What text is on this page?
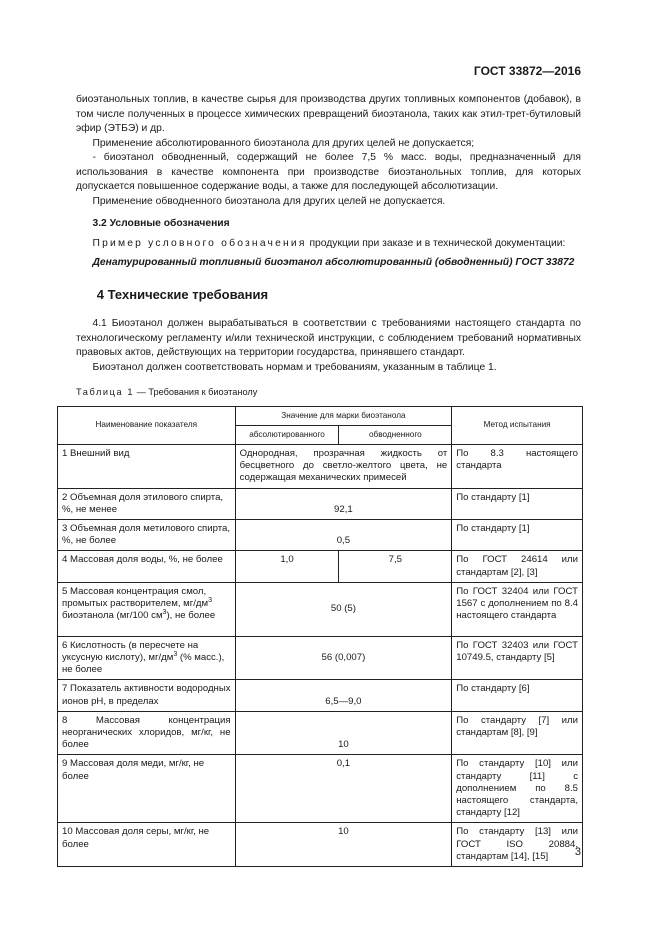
ГОСТ 33872—2016

биоэтанольных топлив, в качестве сырья для производства других топливных компонентов (добавок), в том числе полученных в процессе химических превращений биоэтанола, таких как этил-трет-бутиловый эфир (ЭТБЭ) и др.

Применение абсолютированного биоэтанола для других целей не допускается;

- биоэтанол обводненный, содержащий не более 7,5 % масс. воды, предназначенный для использования в качестве компонента при производстве биоэтанольных топлив, для которых допускается повышенное содержание воды, а также для последующей абсолютизации.

Применение обводненного биоэтанола для других целей не допускается.

3.2 Условные обозначения

Пример условного обозначения продукции при заказе и в технической документации:

Денатурированный топливный биоэтанол абсолютированный (обводненный) ГОСТ 33872

4 Технические требования

4.1 Биоэтанол должен вырабатываться в соответствии с требованиями настоящего стандарта по технологическому регламенту и/или технической инструкции, с соблюдением требований нормативных правовых актов, действующих на территории государства, принявшего стандарт.

Биоэтанол должен соответствовать нормам и требованиям, указанным в таблице 1.

Таблица 1 — Требования к биоэтанолу
Наименование показателя	Значение для марки биоэтанола		Метод испытания
	абсолютированного	обводненного	
1 Внешний вид	Однородная, прозрачная жидкость от бесцветного до светло-желтого цвета, не содержащая механических примесей		По 8.3 настоящего стандарта
2 Объемная доля этилового спирта, %, не менее	92,1		По стандарту [1]
3 Объемная доля метилового спирта, %, не более	0,5		По стандарту [1]
4 Массовая доля воды, %, не более	1,0	7,5	По ГОСТ 24614 или стандартам [2], [3]
5 Массовая концентрация смол, промытых растворителем, $мг/дм^3$ биоэтанола (мг/100 $см^3$), не более	50 (5)		По ГОСТ 32404 или ГОСТ 1567 с дополнением по 8.4 настоящего стандарта
6 Кислотность (в пересчете на уксусную кислоту), $мг/дм^3$ (% масс.), не более	56 (0,007)		По ГОСТ 32403 или ГОСТ 10749.5, стандарту [5]
7 Показатель активности водородных ионов pH, в пределах	6,5—9,0		По стандарту [6]
8 Массовая концентрация неорганических хлоридов, мг/кг, не более	10		По стандарту [7] или стандартам [8], [9]
9 Массовая доля меди, мг/кг, не более	0,1		По стандарту [10] или стандарту [11] с дополнением по 8.5 настоящего стандарта, стандарту [12]
10 Массовая доля серы, мг/кг, не более	10		По стандарту [13] или ГОСТ ISO 20884, стандартам [14], [15] 3
